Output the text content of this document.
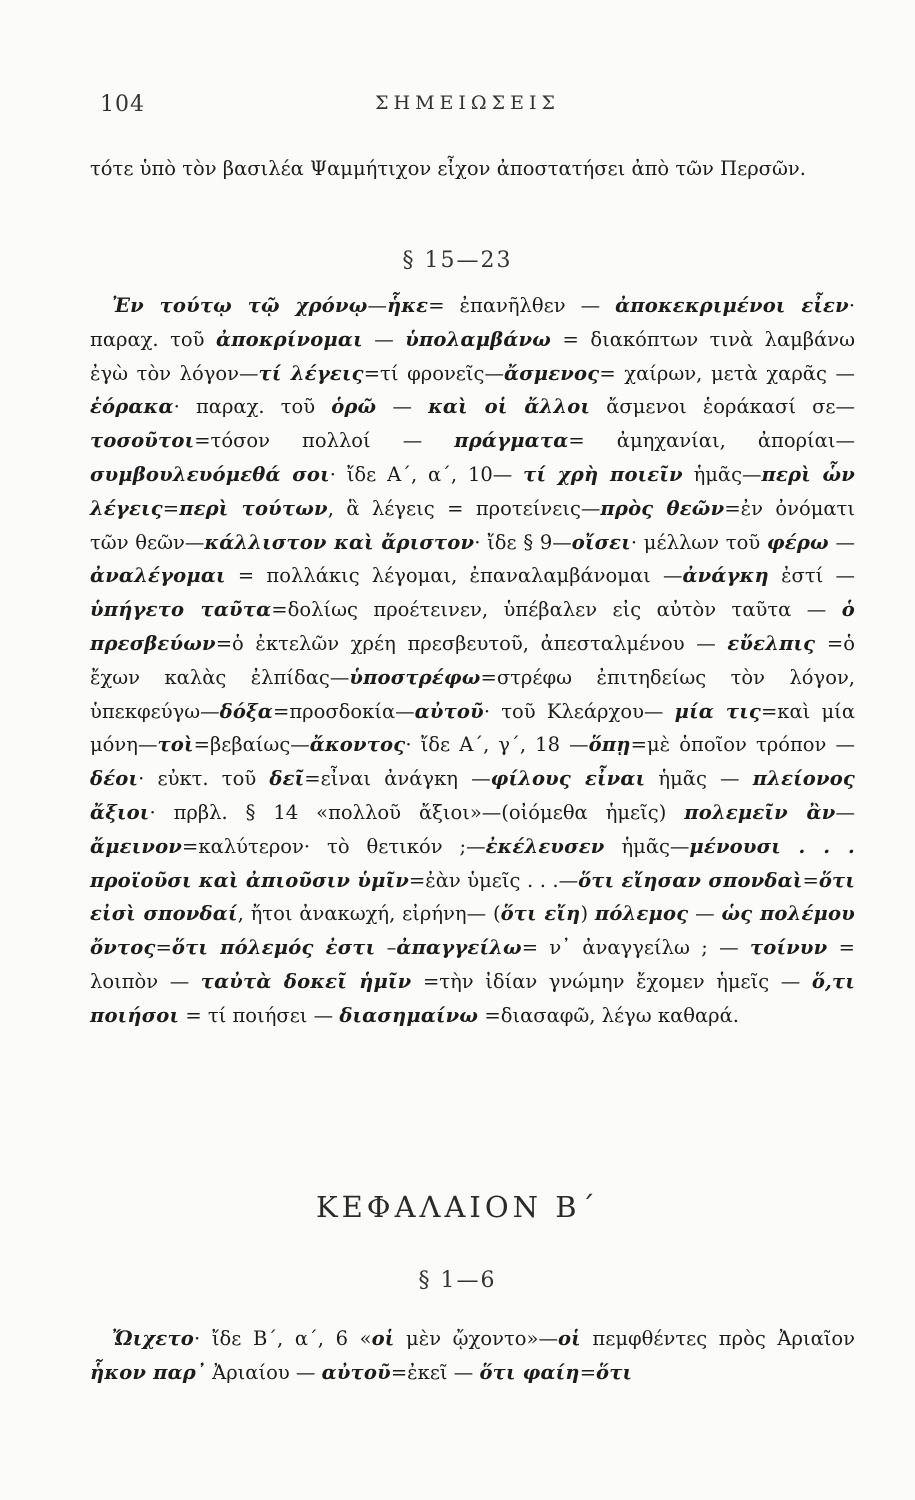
104	ΣΗΜΕΙΩΣΕΙΣ

τότε ὑπὸ τὸν βασιλέα Ψαμμήτιχον εἶχον ἀποστατήσει ἀπὸ τῶν Περσῶν.

§ 15—23

Ἐν τούτῳ τῷ χρόνῳ—ἧκε= ἐπανῆλθεν — ἀποκεκριμένοι εἶεν· παραχ. τοῦ ἀποκρίνομαι — ὑπολαμβάνω = διακόπτων τινὰ λαμβάνω ἐγὼ τὸν λόγον—τί λέγεις=τί φρονεῖς—ἄσμενος= χαίρων, μετὰ χαρᾶς — ἑόρακα· παραχ. τοῦ ὁρῶ — καὶ οἱ ἄλλοι ἄσμενοι ἑοράκασί σε—τοσοῦτοι=τόσον πολλοί — πράγματα= ἀμηχανίαι, ἀπορίαι—συμβουλευόμεθά σοι· ἴδε Α΄, α΄, 10— τί χρὴ ποιεῖν ἡμᾶς—περὶ ὧν λέγεις=περὶ τούτων, ἃ λέγεις = προτείνεις—πρὸς θεῶν=ἐν ὀνόματι τῶν θεῶν—κάλλιστον καὶ ἄριστον· ἴδε § 9—οἴσει· μέλλων τοῦ φέρω — ἀναλέγομαι = πολλάκις λέγομαι, ἐπαναλαμβάνομαι —ἀνάγκη ἐστί — ὑπήγετο ταῦτα=δολίως προέτεινεν, ὑπέβαλεν εἰς αὐτὸν ταῦτα — ὁ πρεσβεύων=ὁ ἐκτελῶν χρέη πρεσβευτοῦ, ἀπεσταλμένου — εὔελπις =ὁ ἔχων καλὰς ἐλπίδας—ὑποστρέφω=στρέφω ἐπιτηδείως τὸν λόγον, ὑπεκφεύγω—δόξα=προσδοκία—αὐτοῦ· τοῦ Κλεάρχου— μία τις=καὶ μία μόνη—τοὶ=βεβαίως—ἄκοντος· ἴδε Α΄, γ΄, 18 —ὅπῃ=μὲ ὁποῖον τρόπον — δέοι· εὐκτ. τοῦ δεῖ=εἶναι ἀνάγκη —φίλους εἶναι ἡμᾶς — πλείονος ἄξιοι· πρβλ. § 14 «πολλοῦ ἄξιοι»—(οἰόμεθα ἡμεῖς) πολεμεῖν ἂν—ἄμεινον=καλύτερον· τὸ θετικόν ;—ἐκέλευσεν ἡμᾶς—μένουσι . . . προϊοῦσι καὶ ἀπιοῦσιν ὑμῖν=ἐὰν ὑμεῖς . . .—ὅτι εἴησαν σπονδαὶ=ὅτι εἰσὶ σπονδαί, ἤτοι ἀνακωχή, εἰρήνη— (ὅτι εἴη) πόλεμος — ὡς πολέμου ὄντος=ὅτι πόλεμός ἐστι –ἀπαγγείλω= ν᾽ ἀναγγείλω ; — τοίνυν = λοιπὸν — ταὐτὰ δοκεῖ ἡμῖν =τὴν ἰδίαν γνώμην ἔχομεν ἡμεῖς — ὅ,τι ποιήσοι = τί ποιήσει — διασημαίνω =διασαφῶ, λέγω καθαρά.

ΚΕΦΑΛΑΙΟΝ Β΄
§ 1—6

Ὤιχετο· ἴδε Β΄, α΄, 6 «οἱ μὲν ᾤχοντο»—οἱ πεμφθέντες πρὸς Ἀριαῖον ἧκον παρ᾽ Ἀριαίου — αὐτοῦ=ἐκεῖ — ὅτι φαίη=ὅτι
